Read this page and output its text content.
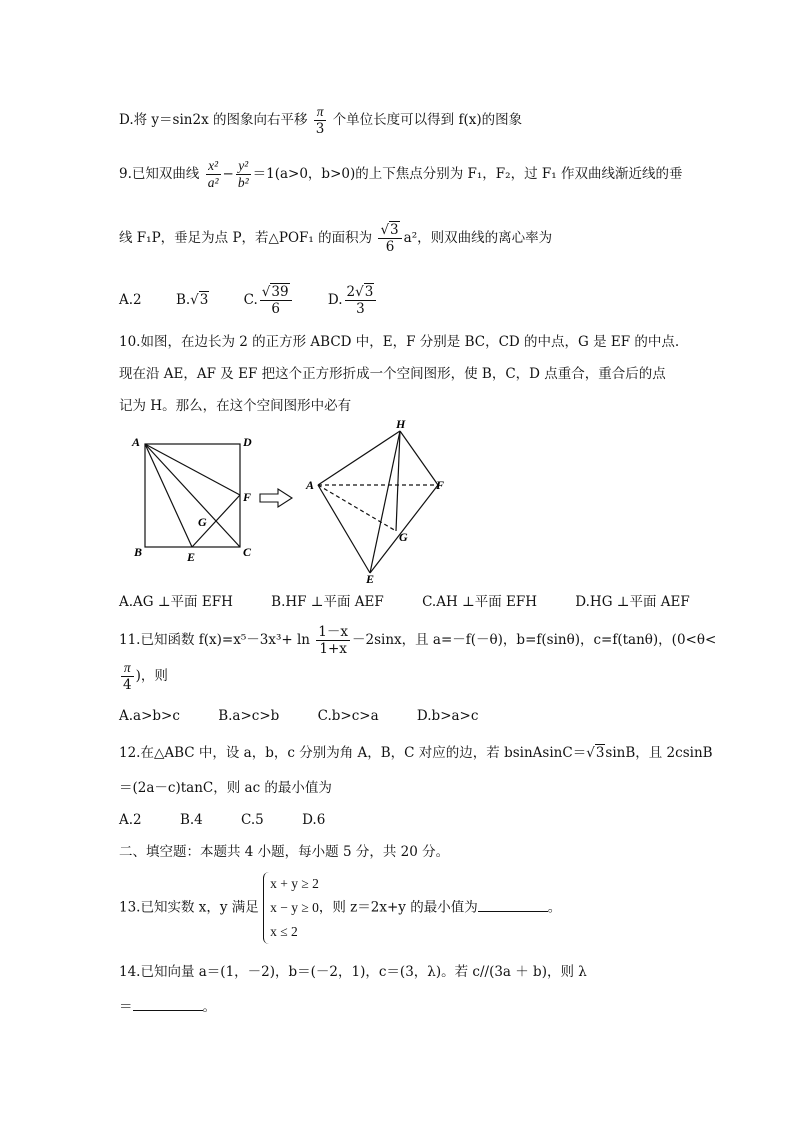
D.将 y＝sin2x 的图象向右平移 $\frac{\pi}{3}$ 个单位长度可以得到 f(x)的图象
9.已知双曲线 $\frac{\text{x²}}{\text{a²}} - \frac{\text{y²}}{\text{b²}} =1(a>0$，b>0)的上下焦点分别为 F₁，F₂，过 F₁ 作双曲线渐近线的垂
线 F₁P，垂足为点 P，若△POF₁ 的面积为 $\frac{√3}{6} a^2$，则双曲线的离心率为
A.2	B.√3	C. $\frac{√39}{6}$	D. $\frac{2√3}{3}$
10.如图，在边长为 2 的正方形 ABCD 中，E，F 分别是 BC，CD 的中点，G 是 EF 的中点.
现在沿 AE，AF 及 EF 把这个正方形折成一个空间图形，使 B，C，D 点重合，重合后的点
记为 H。那么，在这个空间图形中必有
A	D
F
G
B	E	C
H
A	F
G
E
A.AG ⊥平面 EFH	B.HF ⊥平面 AEF	C.AH ⊥平面 EFH	D.HG ⊥平面 AEF
11.已知函数 $f(x)=x^5-3x^3+ \ln \frac{1-x}{1+x} -2\sin x$，且 a=－f(－θ)，b=f(sinθ)，c=f(tanθ)，(0<θ<
$\frac{\pi}{4}$ )，则
A.a>b>c	B.a>c>b	C.b>c>a	D.b>a>c
12.在△ABC 中，设 a，b，c 分别为角 A，B，C 对应的边，若 bsinAsinC＝√3sinB，且 2csinB
＝(2a－c)tanC，则 ac 的最小值为
A.2	B.4	C.5	D.6
二、填空题：本题共 4 小题，每小题 5 分，共 20 分。
13.已知实数 x，y 满足
x + y ≥ 2
x − y ≥ 0
x ≤ 2
，则 z＝2x+y 的最小值为	。
14.已知向量 a＝(1，－2)，b＝(－2，1)，c＝(3，λ)。若 c//(3a ＋ b)，则 λ
＝	。
